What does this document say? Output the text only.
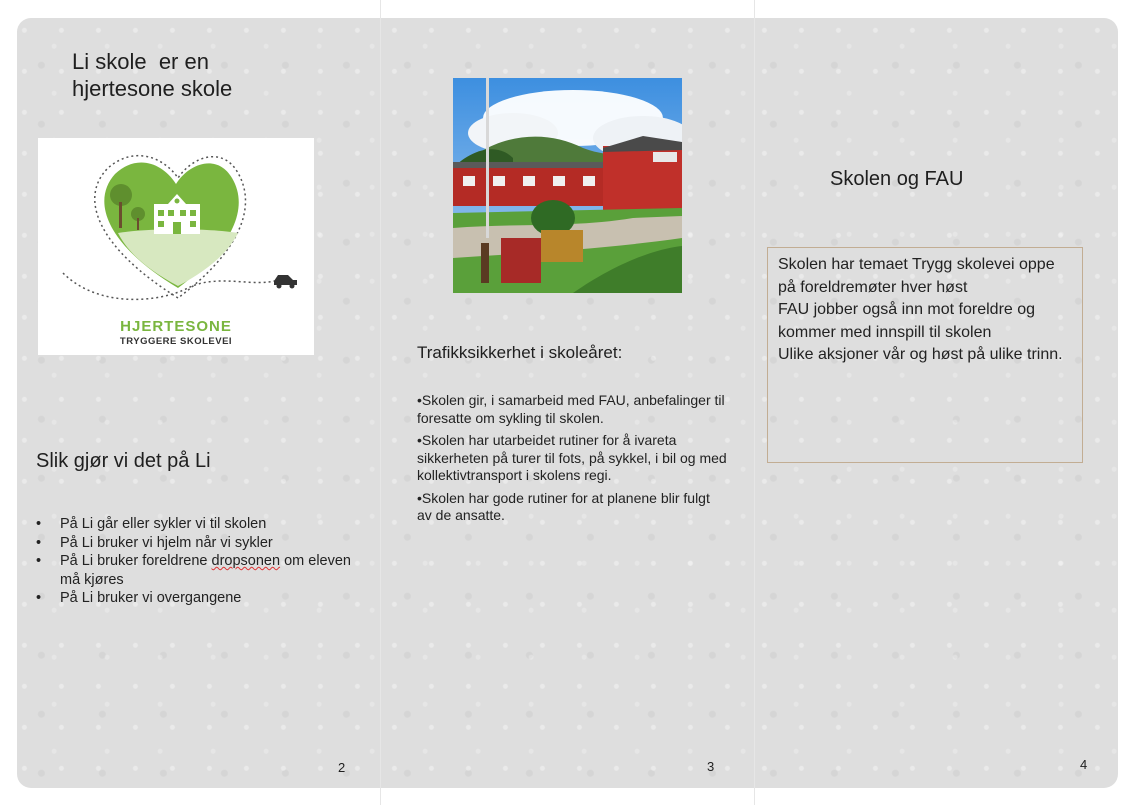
Li skole  er en
hjertesone skole
HJERTESONE
TRYGGERE SKOLEVEI
Slik gjør vi det på Li
• På Li går eller sykler vi til skolen
• På Li bruker vi hjelm når vi sykler
• På Li bruker foreldrene dropsonen om eleven må kjøres
• På Li bruker vi overgangene
2
Trafikksikkerhet i skoleåret:

•Skolen gir, i samarbeid med FAU, anbefalinger til foresatte om sykling til skolen.

•Skolen har utarbeidet rutiner for å ivareta sikkerheten på turer til fots, på sykkel, i bil og med kollektivtransport i skolens regi.

•Skolen har gode rutiner for at planene blir fulgt av de ansatte.

3
Skolen og FAU
Skolen har temaet Trygg skolevei oppe på foreldremøter hver høst
FAU jobber også inn mot foreldre og kommer med innspill til skolen
Ulike aksjoner vår og høst på ulike trinn.
4
